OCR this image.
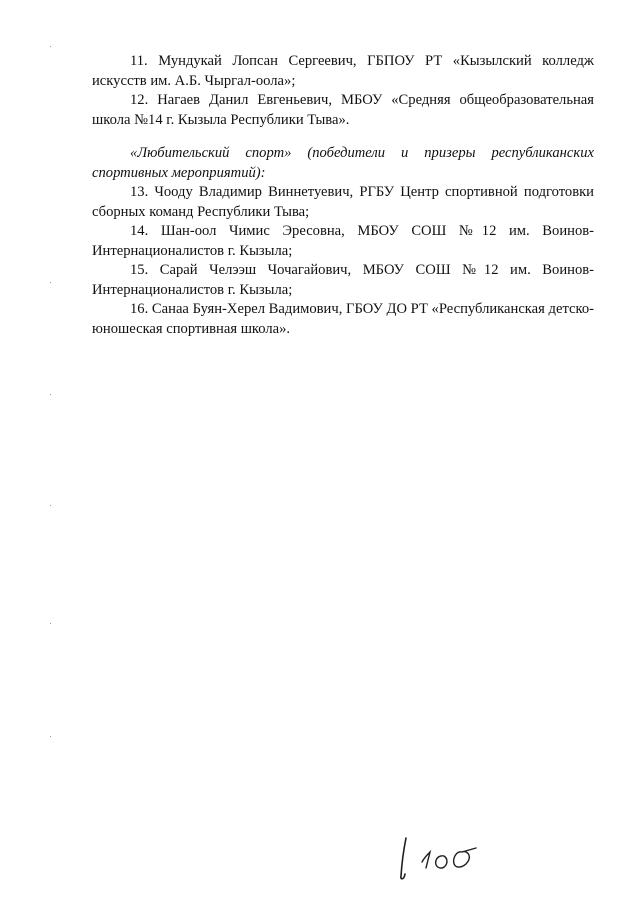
11. Мундукай Лопсан Сергеевич, ГБПОУ РТ «Кызылский колледж искусств им. А.Б. Чыргал-оола»;

12. Нагаев Данил Евгеньевич, МБОУ «Средняя общеобразовательная школа №14 г. Кызыла Республики Тыва».

«Любительский спорт» (победители и призеры республиканских спортивных мероприятий):

13. Чооду Владимир Виннетуевич, РГБУ Центр спортивной подготовки сборных команд Республики Тыва;

14. Шан-оол Чимис Эресовна, МБОУ СОШ №12 им. Воинов-Интернационалистов г. Кызыла;

15. Сарай Челээш Чочагайович, МБОУ СОШ №12 им. Воинов-Интернационалистов г. Кызыла;

16. Санаа Буян-Херел Вадимович, ГБОУ ДО РТ «Республиканская детско-юношеская спортивная школа».
